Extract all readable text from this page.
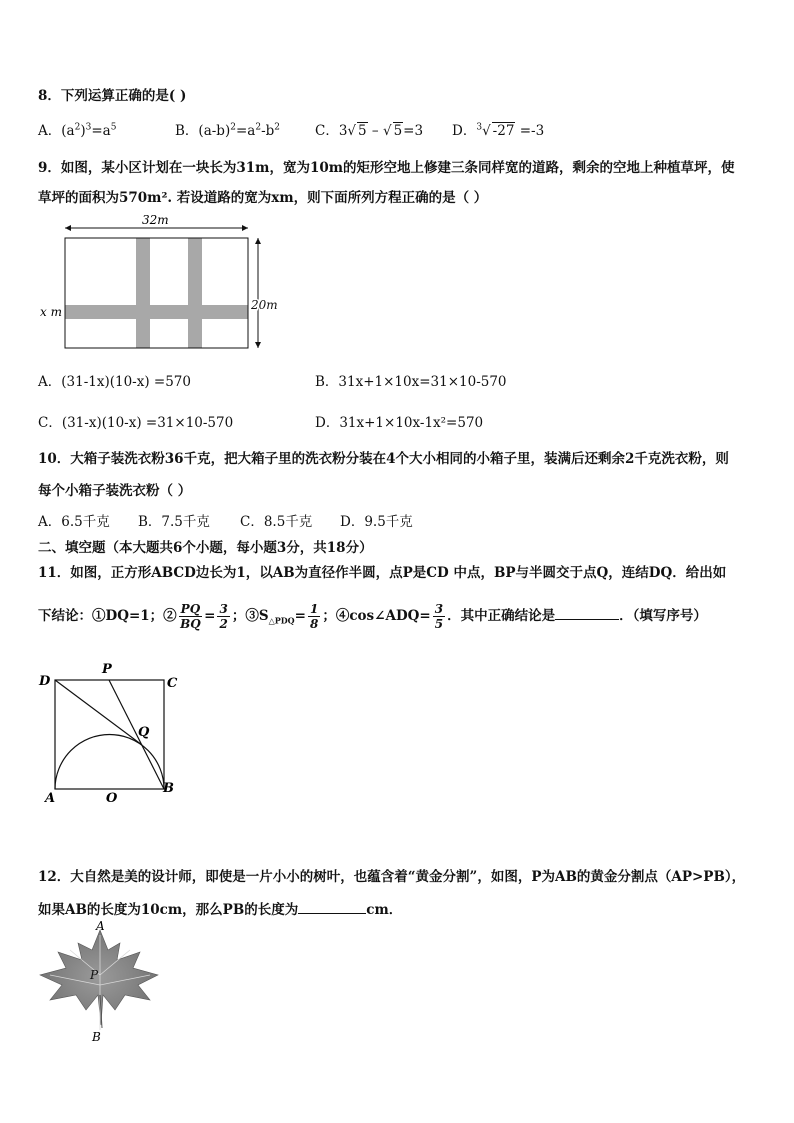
8．下列运算正确的是( )
A．$(a^2)^3=a^5$	B．$(a-b)^2=a^2-b^2$	C．3√ 5 – √ 5=3 D．$^3$√ -27 =-3
9．如图，某小区计划在一块长为31m，宽为10m的矩形空地上修建三条同样宽的道路，剩余的空地上种植草坪，使
草坪的面积为570m². 若设道路的宽为xm，则下面所列方程正确的是（ ）
32m
20m
x m
A．(31-1x)(10-x) =570	B．31x+1×10x=31×10-570
C．(31-x)(10-x) =31×10-570	D．31x+1×10x-1x²=570
10．大箱子装洗衣粉36千克，把大箱子里的洗衣粉分装在4个大小相同的小箱子里，装满后还剩余2千克洗衣粉，则
每个小箱子装洗衣粉（ ）
A．6.5千克 B．7.5千克 C．8.5千克 D．9.5千克
二、填空题（本大题共6个小题，每小题3分，共18分）
11．如图，正方形ABCD边长为1，以AB为直径作半圆，点P是CD 中点，BP与半圆交于点Q，连结DQ．给出如
下结论：①DQ=1；② $\frac{PQ}{BQ} = \frac{3}{2}$ ；$③S_{\triangle PDQ}= \frac{1}{8}$ ；④cos∠ADQ= $\frac{3}{5}$ ．其中正确结论是	．（填写序号）
D
P
C
Q
A	O
B
12．大自然是美的设计师，即使是一片小小的树叶，也蕴含着“黄金分割”，如图，P为AB的黄金分割点（AP>PB），
如果AB的长度为10cm，那么PB的长度为	cm．
A
P
B
